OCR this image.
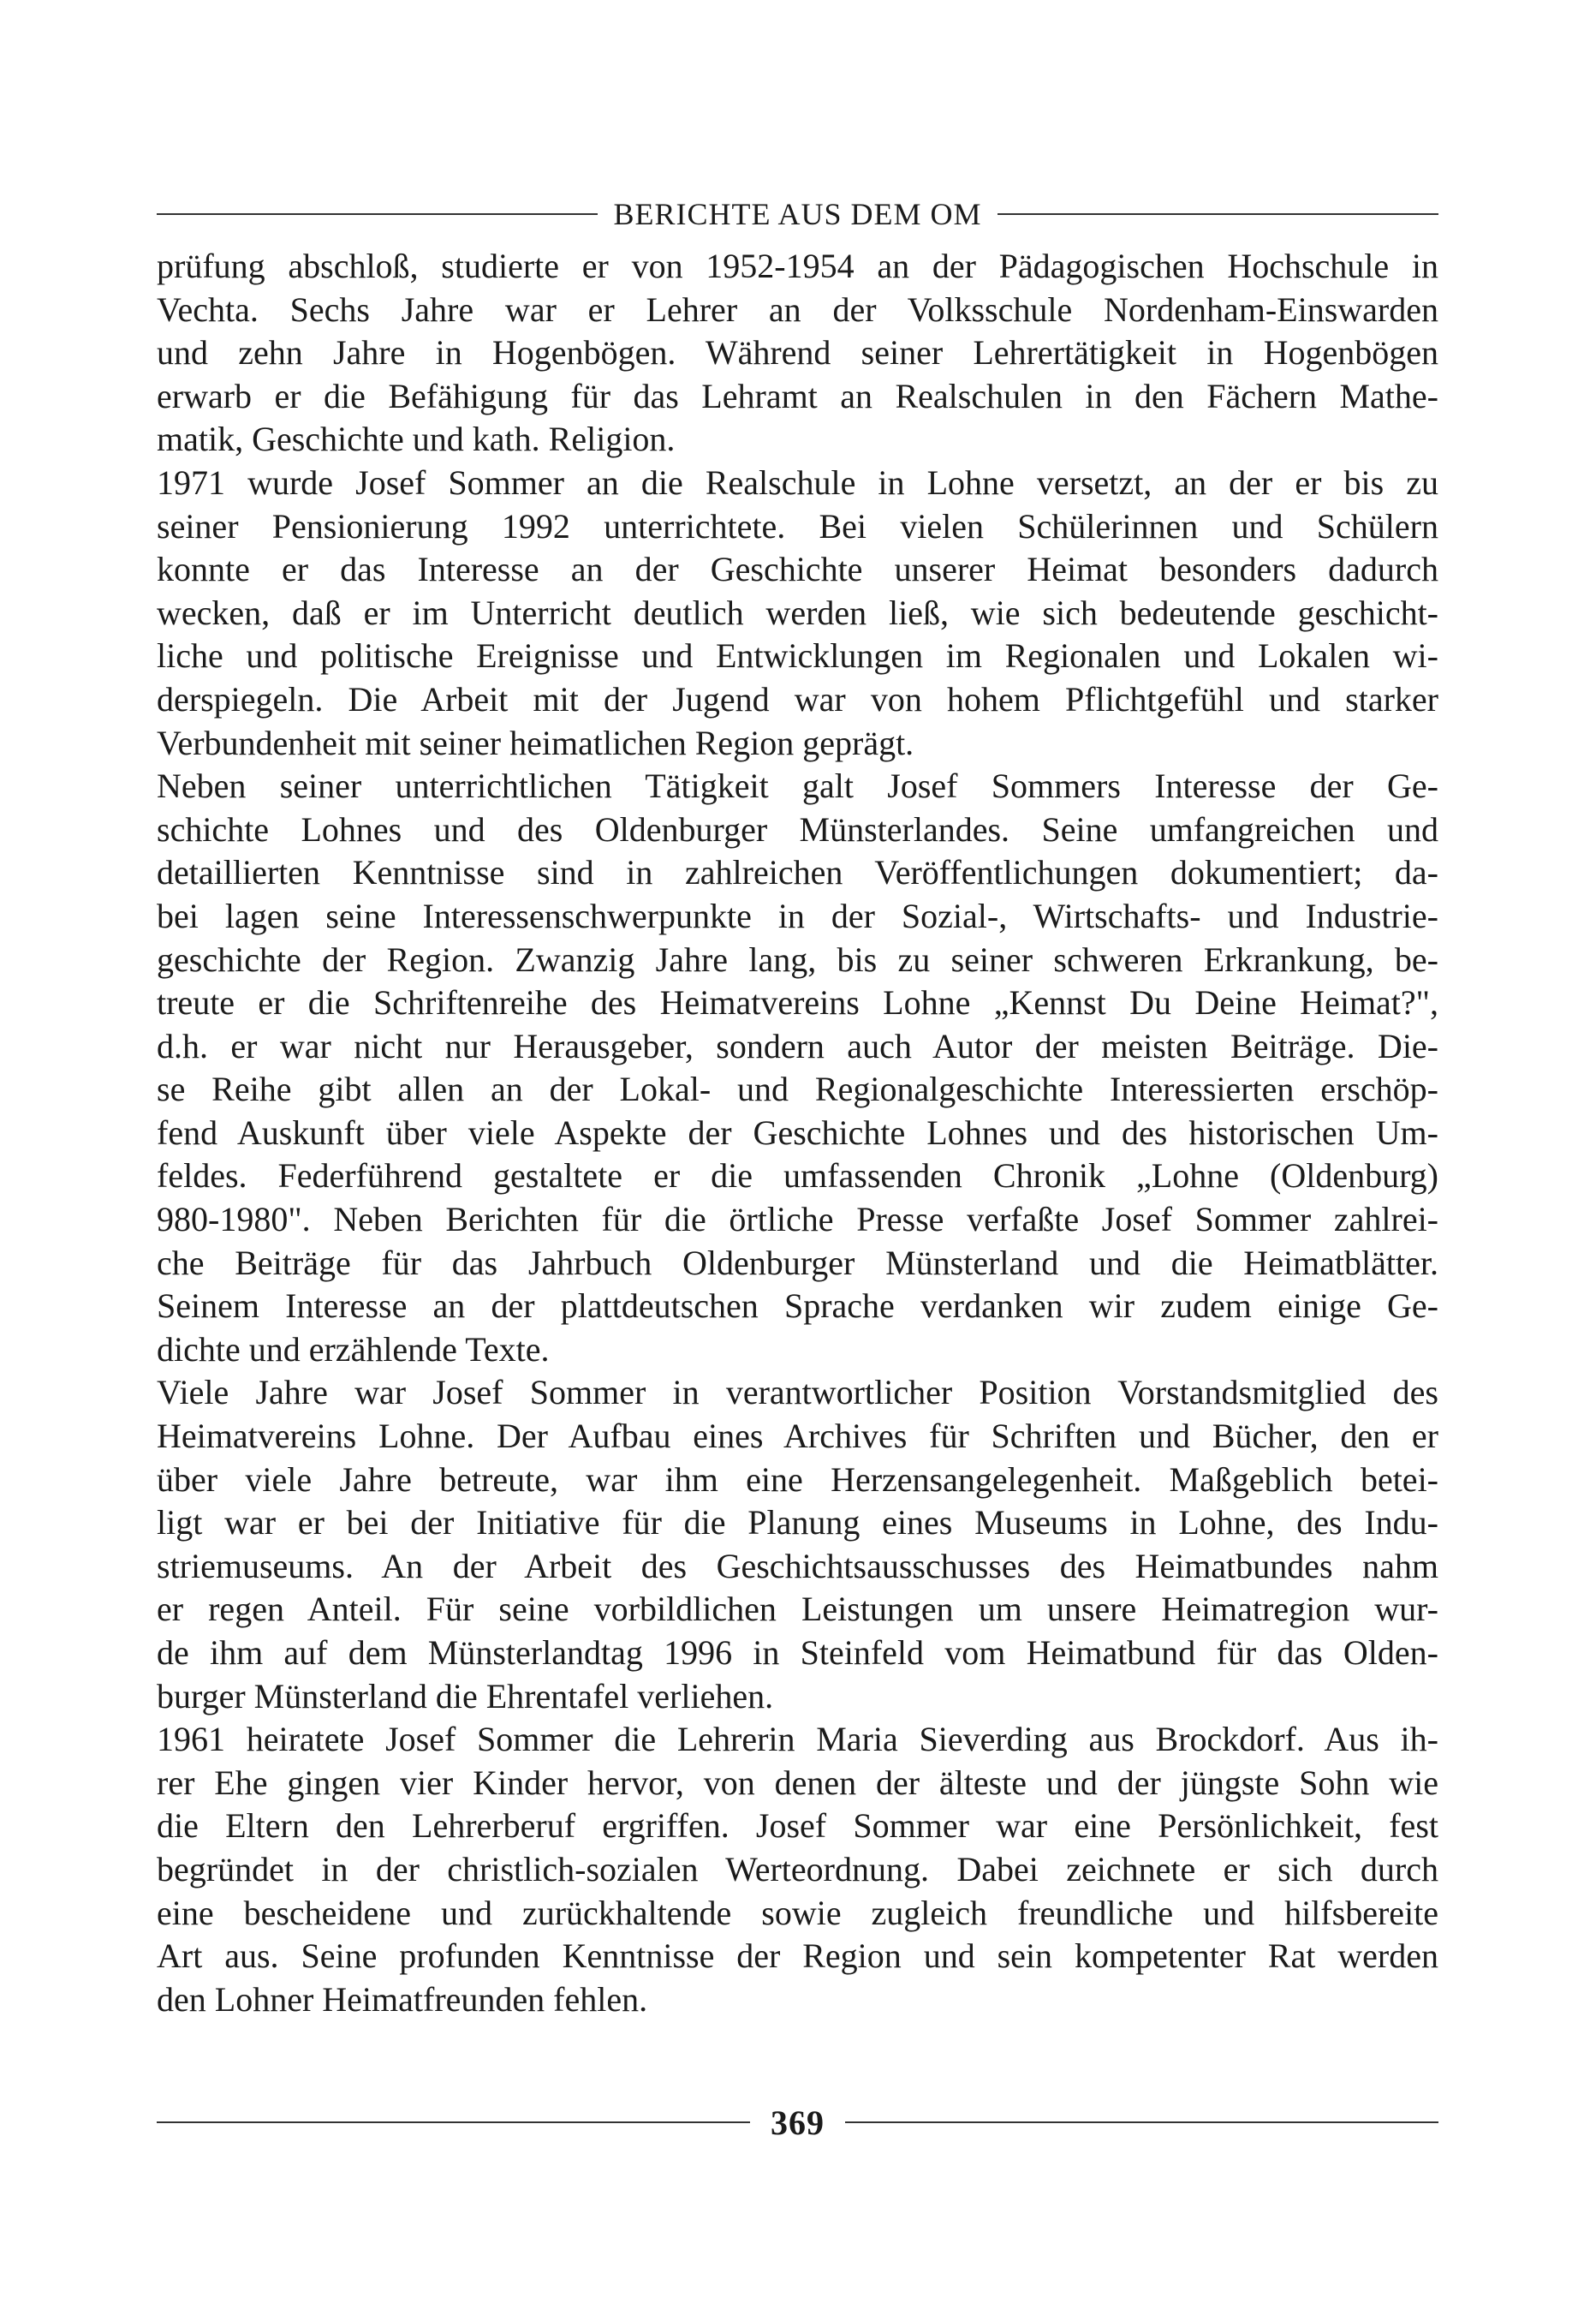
BERICHTE AUS DEM OM
prüfung abschloß, studierte er von 1952-1954 an der Pädagogischen Hochschule in
Vechta. Sechs Jahre war er Lehrer an der Volksschule Nordenham-Einswarden
und zehn Jahre in Hogenbögen. Während seiner Lehrertätigkeit in Hogenbögen
erwarb er die Befähigung für das Lehramt an Realschulen in den Fächern Mathe-
matik, Geschichte und kath. Religion.
1971 wurde Josef Sommer an die Realschule in Lohne versetzt, an der er bis zu
seiner Pensionierung 1992 unterrichtete. Bei vielen Schülerinnen und Schülern
konnte er das Interesse an der Geschichte unserer Heimat besonders dadurch
wecken, daß er im Unterricht deutlich werden ließ, wie sich bedeutende geschicht-
liche und politische Ereignisse und Entwicklungen im Regionalen und Lokalen wi-
derspiegeln. Die Arbeit mit der Jugend war von hohem Pflichtgefühl und starker
Verbundenheit mit seiner heimatlichen Region geprägt.
Neben seiner unterrichtlichen Tätigkeit galt Josef Sommers Interesse der Ge-
schichte Lohnes und des Oldenburger Münsterlandes. Seine umfangreichen und
detaillierten Kenntnisse sind in zahlreichen Veröffentlichungen dokumentiert; da-
bei lagen seine Interessenschwerpunkte in der Sozial-, Wirtschafts- und Industrie-
geschichte der Region. Zwanzig Jahre lang, bis zu seiner schweren Erkrankung, be-
treute er die Schriftenreihe des Heimatvereins Lohne „Kennst Du Deine Heimat?",
d.h. er war nicht nur Herausgeber, sondern auch Autor der meisten Beiträge. Die-
se Reihe gibt allen an der Lokal- und Regionalgeschichte Interessierten erschöp-
fend Auskunft über viele Aspekte der Geschichte Lohnes und des historischen Um-
feldes. Federführend gestaltete er die umfassenden Chronik „Lohne (Oldenburg)
980-1980". Neben Berichten für die örtliche Presse verfaßte Josef Sommer zahlrei-
che Beiträge für das Jahrbuch Oldenburger Münsterland und die Heimatblätter.
Seinem Interesse an der plattdeutschen Sprache verdanken wir zudem einige Ge-
dichte und erzählende Texte.
Viele Jahre war Josef Sommer in verantwortlicher Position Vorstandsmitglied des
Heimatvereins Lohne. Der Aufbau eines Archives für Schriften und Bücher, den er
über viele Jahre betreute, war ihm eine Herzensangelegenheit. Maßgeblich betei-
ligt war er bei der Initiative für die Planung eines Museums in Lohne, des Indu-
striemuseums. An der Arbeit des Geschichtsausschusses des Heimatbundes nahm
er regen Anteil. Für seine vorbildlichen Leistungen um unsere Heimatregion wur-
de ihm auf dem Münsterlandtag 1996 in Steinfeld vom Heimatbund für das Olden-
burger Münsterland die Ehrentafel verliehen.
1961 heiratete Josef Sommer die Lehrerin Maria Sieverding aus Brockdorf. Aus ih-
rer Ehe gingen vier Kinder hervor, von denen der älteste und der jüngste Sohn wie
die Eltern den Lehrerberuf ergriffen. Josef Sommer war eine Persönlichkeit, fest
begründet in der christlich-sozialen Werteordnung. Dabei zeichnete er sich durch
eine bescheidene und zurückhaltende sowie zugleich freundliche und hilfsbereite
Art aus. Seine profunden Kenntnisse der Region und sein kompetenter Rat werden
den Lohner Heimatfreunden fehlen.
369
